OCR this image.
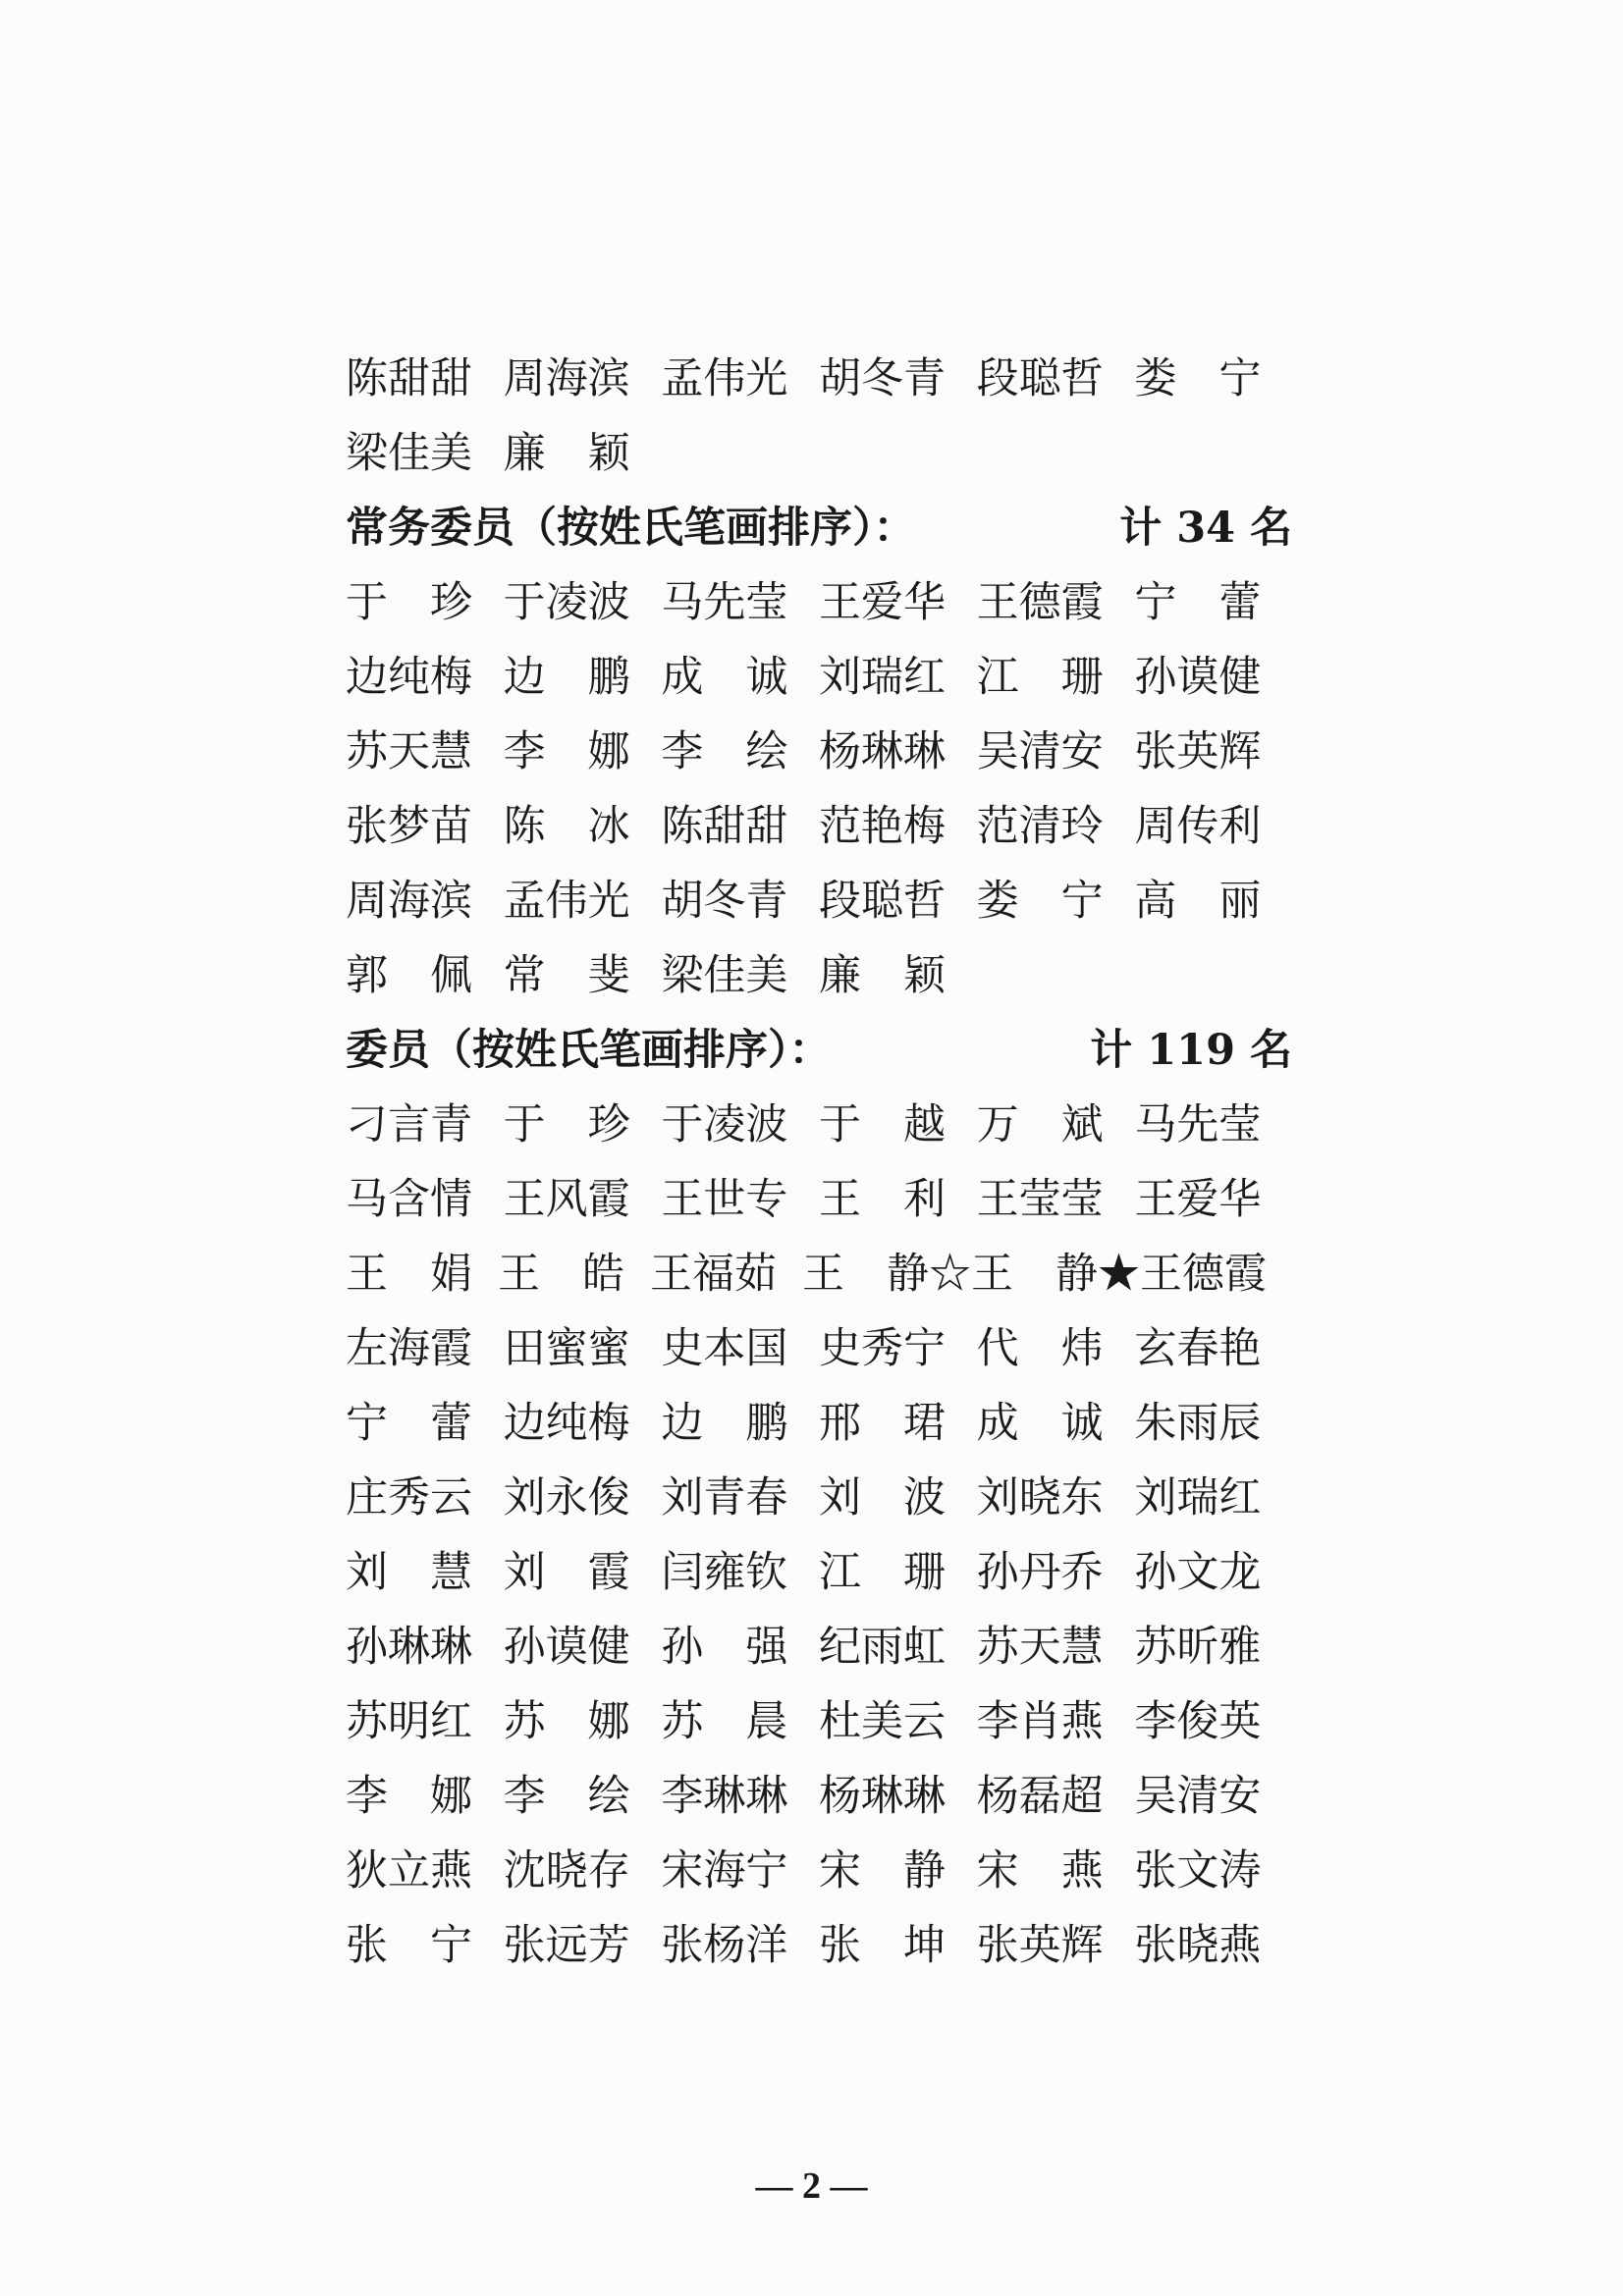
陈甜甜 周海滨 孟伟光 胡冬青 段聪哲 娄　宁
梁佳美 廉　颖
常务委员（按姓氏笔画排序）：	计 34 名
于　珍 于凌波 马先莹 王爱华 王德霞 宁　蕾
边纯梅 边　鹏 成　诚 刘瑞红 江　珊 孙谟健
苏天慧 李　娜 李　绘 杨琳琳 吴清安 张英辉
张梦苗 陈　冰 陈甜甜 范艳梅 范清玲 周传利
周海滨 孟伟光 胡冬青 段聪哲 娄　宁 高　丽
郭　佩 常　斐 梁佳美 廉　颖
委员（按姓氏笔画排序）：	计 119 名
刁言青 于　珍 于凌波 于　越 万　斌 马先莹
马含情 王风霞 王世专 王　利 王莹莹 王爱华
王　娟 王　皓 王福茹 王　静☆ 王　静★ 王德霞
左海霞 田蜜蜜 史本国 史秀宁 代　炜 玄春艳
宁　蕾 边纯梅 边　鹏 邢　珺 成　诚 朱雨辰
庄秀云 刘永俊 刘青春 刘　波 刘晓东 刘瑞红
刘　慧 刘　霞 闫雍钦 江　珊 孙丹乔 孙文龙
孙琳琳 孙谟健 孙　强 纪雨虹 苏天慧 苏昕雅
苏明红 苏　娜 苏　晨 杜美云 李肖燕 李俊英
李　娜 李　绘 李琳琳 杨琳琳 杨磊超 吴清安
狄立燕 沈晓存 宋海宁 宋　静 宋　燕 张文涛
张　宁 张远芳 张杨洋 张　坤 张英辉 张晓燕
— 2 —
